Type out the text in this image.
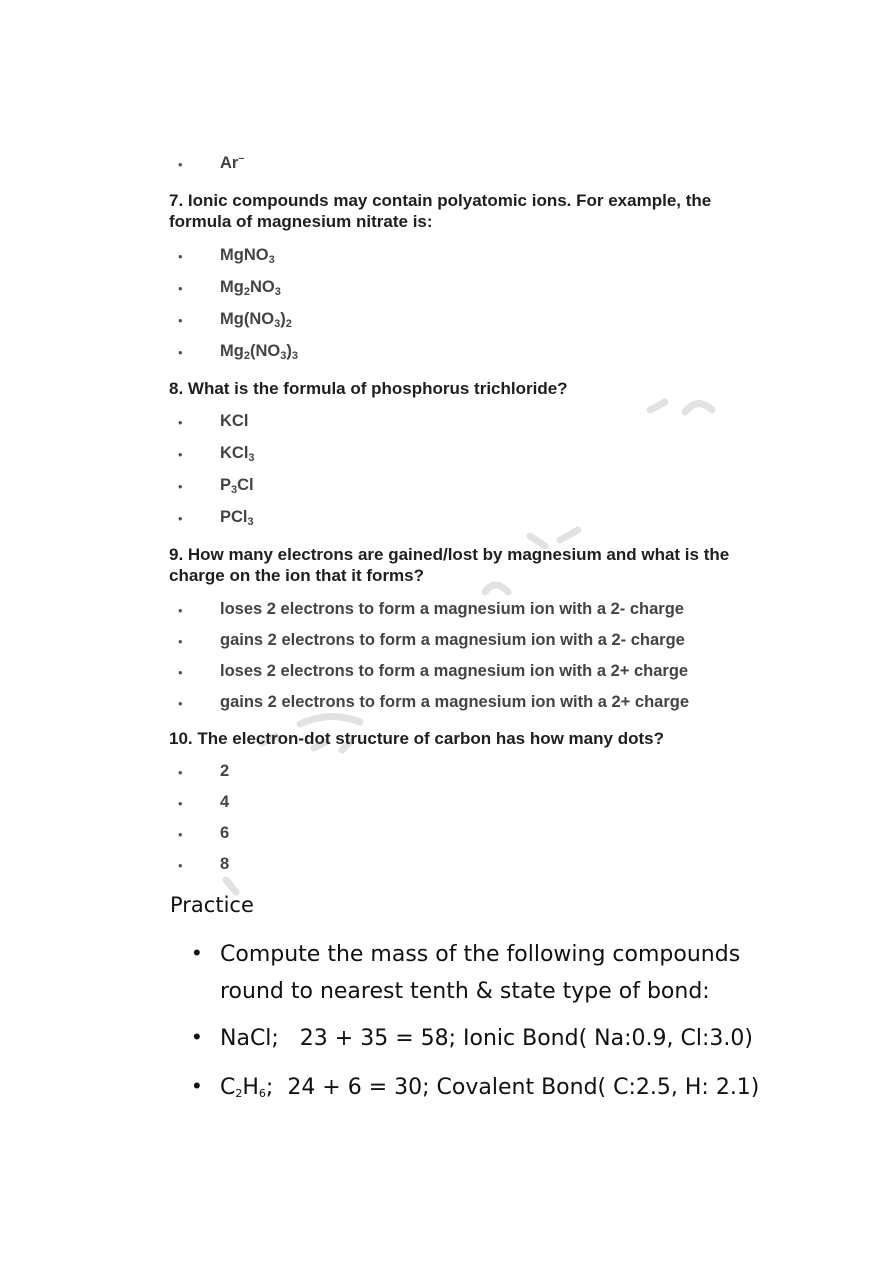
• Ar–
7. Ionic compounds may contain polyatomic ions. For example, the formula of magnesium nitrate is:
• MgNO$_3$
• $Mg_2NO_3$
• $Mg(NO_3)_2$
• $Mg_2(NO_3)_3$
8. What is the formula of phosphorus trichloride?
• KCl
• KCl$_3$
• $P_3Cl$
• PCl$_3$
9. How many electrons are gained/lost by magnesium and what is the charge on the ion that it forms?
• loses 2 electrons to form a magnesium ion with a 2- charge
• gains 2 electrons to form a magnesium ion with a 2- charge
• loses 2 electrons to form a magnesium ion with a 2+ charge
• gains 2 electrons to form a magnesium ion with a 2+ charge
10. The electron-dot structure of carbon has how many dots?
• 2
• 4
• 6
• 8
Practice
• Compute the mass of the following compounds
round to nearest tenth & state type of bond:
• NaCl;   23 + 35 = 58; Ionic Bond( Na:0.9, Cl:3.0)
• $C_2H_6$;  24 + 6 = 30; Covalent Bond( C:2.5, H: 2.1)
